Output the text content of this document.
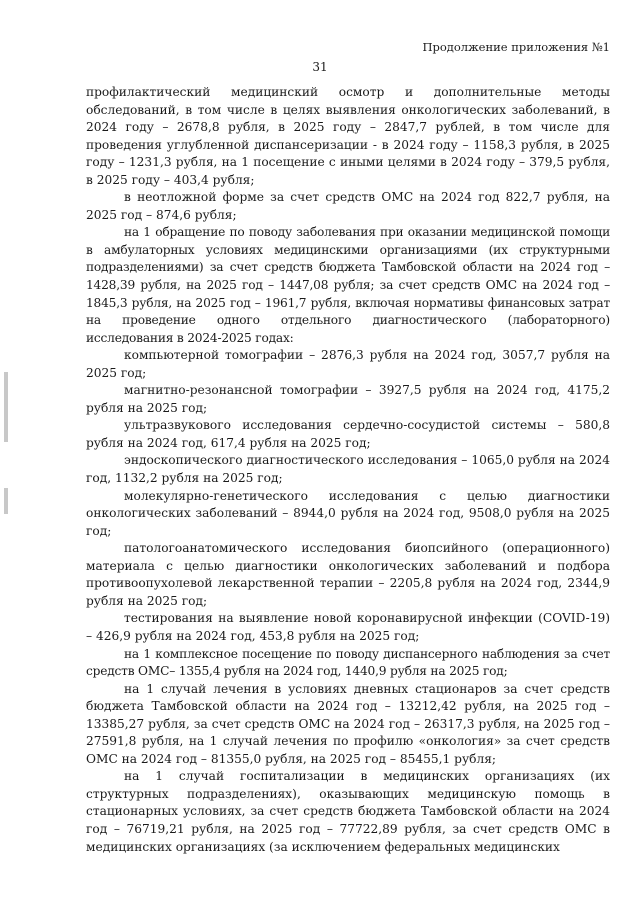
Продолжение приложения №1
31

профилактический медицинский осмотр и дополнительные методы обследований, в том числе в целях выявления онкологических заболеваний, в 2024 году – 2678,8 рубля, в 2025 году – 2847,7 рублей, в том числе для проведения углубленной диспансеризации - в 2024 году – 1158,3 рубля, в 2025 году – 1231,3 рубля, на 1 посещение с иными целями в 2024 году – 379,5 рубля, в 2025 году – 403,4 рубля;

в неотложной форме за счет средств ОМС на 2024 год 822,7 рубля, на 2025 год – 874,6 рубля;

на 1 обращение по поводу заболевания при оказании медицинской помощи в амбулаторных условиях медицинскими организациями (их структурными подразделениями) за счет средств бюджета Тамбовской области на 2024 год – 1428,39 рубля, на 2025 год – 1447,08 рубля; за счет средств ОМС на 2024 год – 1845,3 рубля, на 2025 год – 1961,7 рубля, включая нормативы финансовых затрат на проведение одного отдельного диагностического (лабораторного) исследования в 2024-2025 годах:

компьютерной томографии – 2876,3 рубля на 2024 год, 3057,7 рубля на 2025 год;

магнитно-резонансной томографии – 3927,5 рубля на 2024 год, 4175,2 рубля на 2025 год;

ультразвукового исследования сердечно-сосудистой системы – 580,8 рубля на 2024 год, 617,4 рубля на 2025 год;

эндоскопического диагностического исследования – 1065,0 рубля на 2024 год, 1132,2 рубля на 2025 год;

молекулярно-генетического исследования с целью диагностики онкологических заболеваний – 8944,0 рубля на 2024 год, 9508,0 рубля на 2025 год;

патологоанатомического исследования биопсийного (операционного) материала с целью диагностики онкологических заболеваний и подбора противоопухолевой лекарственной терапии – 2205,8 рубля на 2024 год, 2344,9 рубля на 2025 год;

тестирования на выявление новой коронавирусной инфекции (COVID-19) – 426,9 рубля на 2024 год, 453,8 рубля на 2025 год;

на 1 комплексное посещение по поводу диспансерного наблюдения за счет средств ОМС– 1355,4 рубля на 2024 год, 1440,9 рубля на 2025 год;

на 1 случай лечения в условиях дневных стационаров за счет средств бюджета Тамбовской области на 2024 год – 13212,42 рубля, на 2025 год – 13385,27 рубля, за счет средств ОМС на 2024 год – 26317,3 рубля, на 2025 год – 27591,8 рубля, на 1 случай лечения по профилю «онкология» за счет средств ОМС на 2024 год – 81355,0 рубля, на 2025 год – 85455,1 рубля;

на 1 случай госпитализации в медицинских организациях (их структурных подразделениях), оказывающих медицинскую помощь в стационарных условиях, за счет средств бюджета Тамбовской области на 2024 год – 76719,21 рубля, на 2025 год – 77722,89 рубля, за счет средств ОМС в медицинских организациях (за исключением федеральных медицинских
